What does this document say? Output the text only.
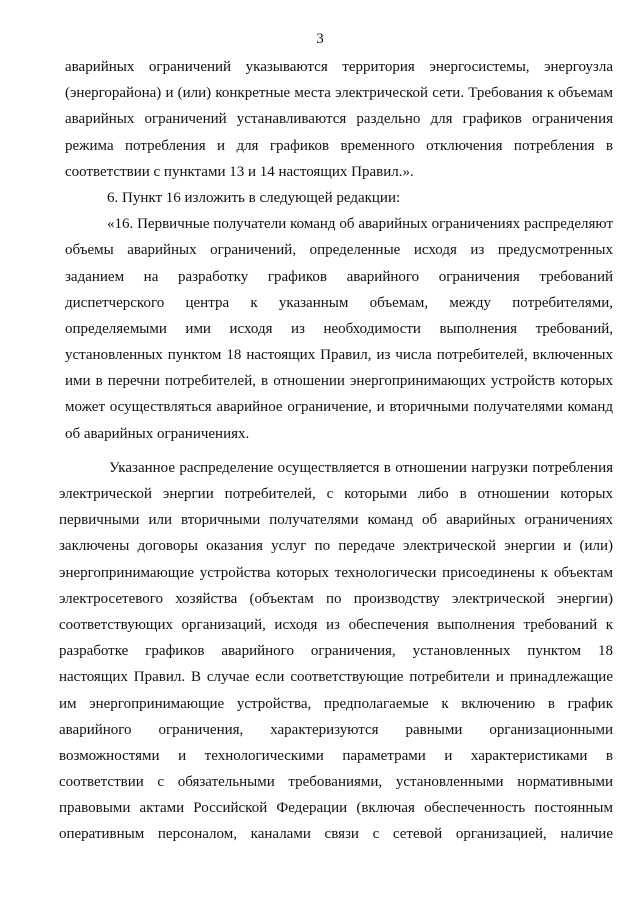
3
аварийных ограничений указываются территория энергосистемы, энергоузла
(энергорайона) и (или) конкретные места электрической сети. Требования к объемам
аварийных ограничений устанавливаются раздельно для графиков ограничения
режима потребления и для графиков временного отключения потребления в
соответствии с пунктами 13 и 14 настоящих Правил.».
6. Пункт 16 изложить в следующей редакции:
«16. Первичные получатели команд об аварийных ограничениях распределяют
объемы аварийных ограничений, определенные исходя из предусмотренных
заданием на разработку графиков аварийного ограничения требований
диспетчерского центра к указанным объемам, между потребителями,
определяемыми ими исходя из необходимости выполнения требований,
установленных пунктом 18 настоящих Правил, из числа потребителей, включенных
ими в перечни потребителей, в отношении энергопринимающих устройств которых
может осуществляться аварийное ограничение, и вторичными получателями команд
об аварийных ограничениях.
Указанное распределение осуществляется в отношении нагрузки потребления
электрической энергии потребителей, с которыми либо в отношении которых
первичными или вторичными получателями команд об аварийных ограничениях
заключены договоры оказания услуг по передаче электрической энергии и (или)
энергопринимающие устройства которых технологически присоединены к объектам
электросетевого хозяйства (объектам по производству электрической энергии)
соответствующих организаций, исходя из обеспечения выполнения требований к
разработке графиков аварийного ограничения, установленных пунктом 18
настоящих Правил. В случае если соответствующие потребители и принадлежащие
им энергопринимающие устройства, предполагаемые к включению в график
аварийного ограничения, характеризуются равными организационными
возможностями и технологическими параметрами и характеристиками в
соответствии с обязательными требованиями, установленными нормативными
правовыми актами Российской Федерации (включая обеспеченность постоянным
оперативным персоналом, каналами связи с сетевой организацией, наличие
